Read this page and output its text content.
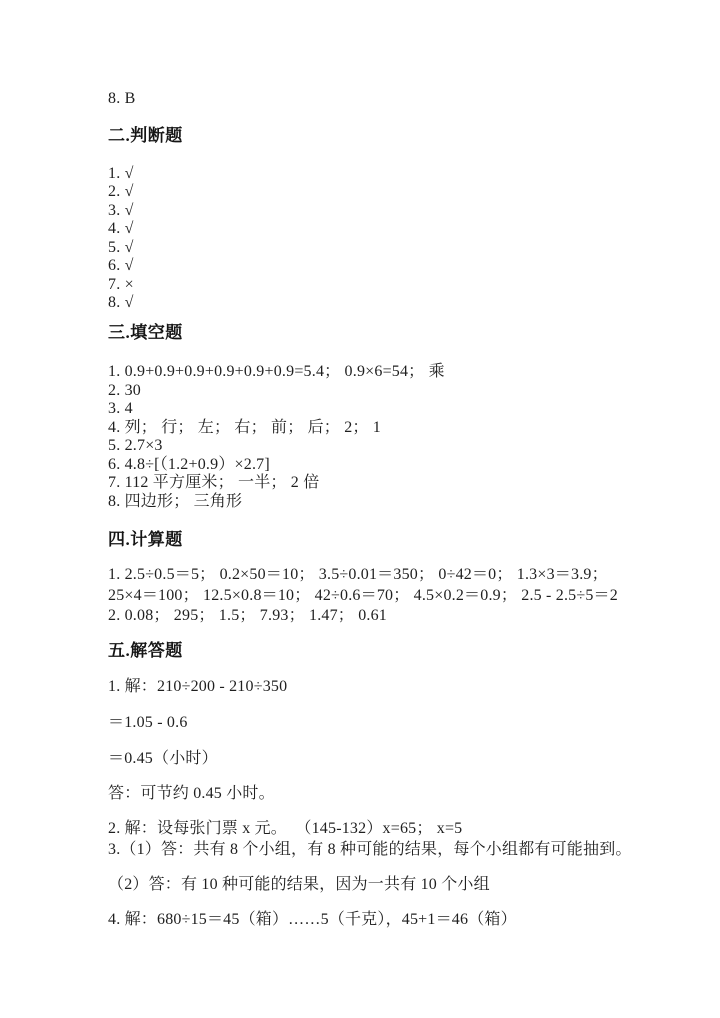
8. B
二.判断题
1. √
2. √
3. √
4. √
5. √
6. √
7. ×
8. √
三.填空题
1. 0.9+0.9+0.9+0.9+0.9+0.9=5.4； 0.9×6=54； 乘
2. 30
3. 4
4. 列； 行； 左； 右； 前； 后； 2； 1
5. 2.7×3
6. 4.8÷[（1.2+0.9）×2.7]
7. 112 平方厘米； 一半； 2 倍
8. 四边形； 三角形
四.计算题
1. 2.5÷0.5＝5； 0.2×50＝10； 3.5÷0.01＝350； 0÷42＝0； 1.3×3＝3.9；
25×4＝100； 12.5×0.8＝10； 42÷0.6＝70； 4.5×0.2＝0.9； 2.5 - 2.5÷5＝2
2. 0.08； 295； 1.5； 7.93； 1.47； 0.61
五.解答题
1. 解：210÷200 - 210÷350
＝1.05 - 0.6
＝0.45（小时）
答：可节约 0.45 小时。
2. 解：设每张门票 x 元。  （145-132）x=65； x=5
3.（1）答：共有 8 个小组，有 8 种可能的结果，每个小组都有可能抽到。
（2）答：有 10 种可能的结果，因为一共有 10 个小组
4. 解：680÷15＝45（箱）……5（千克），45+1＝46（箱）
